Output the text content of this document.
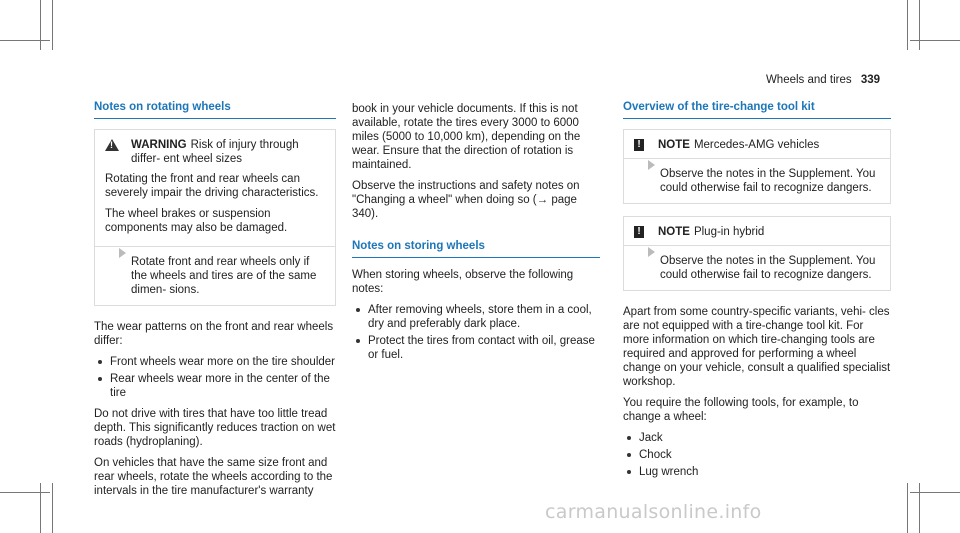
Wheels and tires 339
Notes on rotating wheels
!
WARNING Risk of injury through differ- ent wheel sizes

Rotating the front and rear wheels can severely impair the driving characteristics.

The wheel brakes or suspension components may also be damaged.

Rotate front and rear wheels only if the wheels and tires are of the same dimen- sions.

The wear patterns on the front and rear wheels differ:

Front wheels wear more on the tire shoulder
Rear wheels wear more in the center of the tire

Do not drive with tires that have too little tread depth. This significantly reduces traction on wet roads (hydroplaning).

On vehicles that have the same size front and rear wheels, rotate the wheels according to the intervals in the tire manufacturer's warranty

book in your vehicle documents. If this is not available, rotate the tires every 3000 to 6000 miles (5000 to 10,000 km), depending on the wear. Ensure that the direction of rotation is maintained.

Observe the instructions and safety notes on "Changing a wheel" when doing so (→ page 340).

Notes on storing wheels

When storing wheels, observe the following notes:

After removing wheels, store them in a cool, dry and preferably dark place.
Protect the tires from contact with oil, grease or fuel.
Overview of the tire-change tool kit
! NOTE Mercedes-AMG vehicles
Observe the notes in the Supplement. You could otherwise fail to recognize dangers.
! NOTE Plug-in hybrid
Observe the notes in the Supplement. You could otherwise fail to recognize dangers.

Apart from some country-specific variants, vehi- cles are not equipped with a tire-change tool kit. For more information on which tire-changing tools are required and approved for performing a wheel change on your vehicle, consult a qualified specialist workshop.

You require the following tools, for example, to change a wheel:

Jack
Chock
Lug wrench
carmanualsonline.info
